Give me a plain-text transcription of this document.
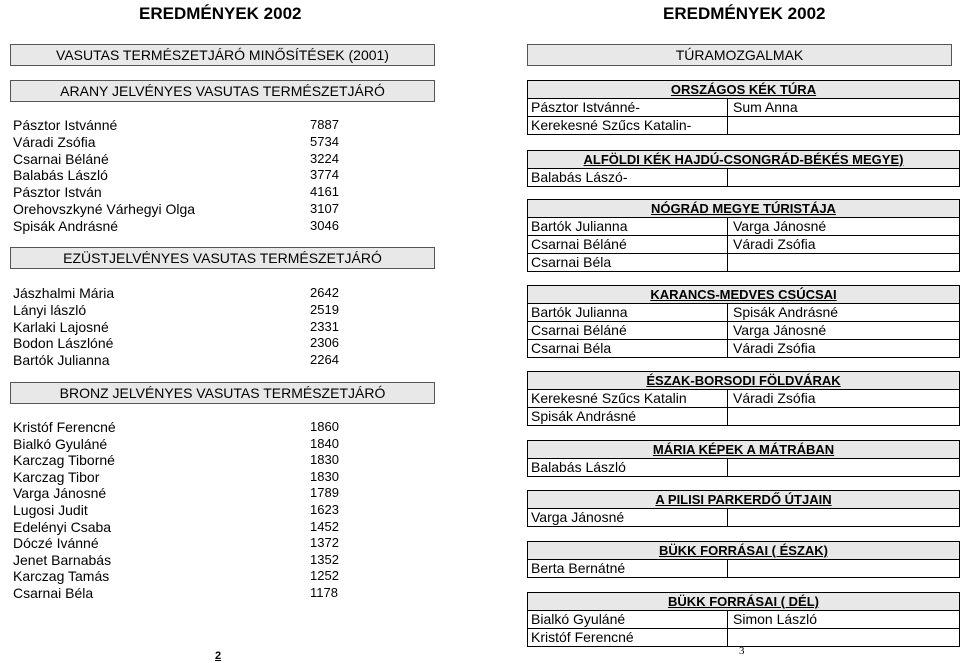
EREDMÉNYEK 2002
VASUTAS TERMÉSZETJÁRÓ MINŐSÍTÉSEK (2001)
ARANY JELVÉNYES VASUTAS TERMÉSZETJÁRÓ
Pásztor Istvánné	7887
Váradi Zsófia	5734
Csarnai Béláné	3224
Balabás László	3774
Pásztor István	4161
Orehovszkyné Várhegyi Olga	3107
Spisák Andrásné	3046
EZÜSTJELVÉNYES VASUTAS TERMÉSZETJÁRÓ
Jászhalmi Mária	2642
Lányi lászló	2519
Karlaki Lajosné	2331
Bodon Lászlóné	2306
Bartók Julianna	2264
BRONZ JELVÉNYES VASUTAS TERMÉSZETJÁRÓ
Kristóf Ferencné	1860
Bialkó Gyuláné	1840
Karczag Tiborné	1830
Karczag Tibor	1830
Varga Jánosné	1789
Lugosi Judit	1623
Edelényi Csaba	1452
Dóczé Ivánné	1372
Jenet Barnabás	1352
Karczag Tamás	1252
Csarnai Béla	1178
2
EREDMÉNYEK 2002
TÚRAMOZGALMAK
ORSZÁGOS KÉK TÚRA
Pásztor Istvánné-	Sum Anna
Kerekesné Szűcs Katalin-
ALFÖLDI KÉK HAJDÚ-CSONGRÁD-BÉKÉS MEGYE)
Balabás Lászó-
NÓGRÁD MEGYE TÚRISTÁJA
Bartók Julianna	Varga Jánosné
Csarnai Béláné	Váradi Zsófia
Csarnai Béla
KARANCS-MEDVES CSÚCSAI
Bartók Julianna	Spisák Andrásné
Csarnai Béláné	Varga Jánosné
Csarnai Béla	Váradi Zsófia
ÉSZAK-BORSODI FÖLDVÁRAK
Kerekesné Szűcs Katalin	Váradi Zsófia
Spisák Andrásné
MÁRIA KÉPEK A MÁTRÁBAN
Balabás László
A PILISI PARKERDŐ ÚTJAIN
Varga Jánosné
BÜKK FORRÁSAI ( ÉSZAK)
Berta Bernátné
BÜKK FORRÁSAI ( DÉL)
Bialkó Gyuláné	Simon László
Kristóf Ferencné
3
